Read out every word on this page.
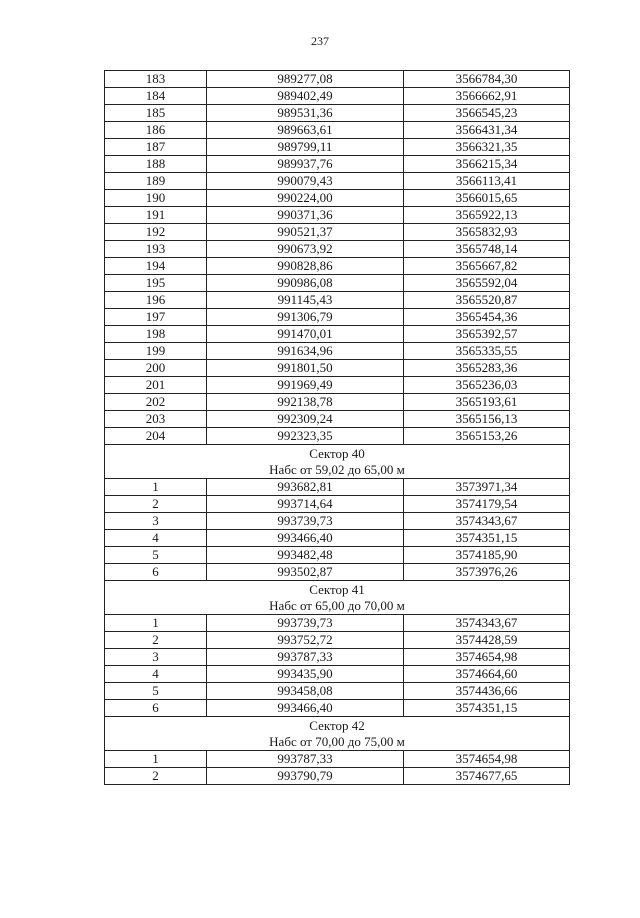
237
183	989277,08	3566784,30
184	989402,49	3566662,91
185	989531,36	3566545,23
186	989663,61	3566431,34
187	989799,11	3566321,35
188	989937,76	3566215,34
189	990079,43	3566113,41
190	990224,00	3566015,65
191	990371,36	3565922,13
192	990521,37	3565832,93
193	990673,92	3565748,14
194	990828,86	3565667,82
195	990986,08	3565592,04
196	991145,43	3565520,87
197	991306,79	3565454,36
198	991470,01	3565392,57
199	991634,96	3565335,55
200	991801,50	3565283,36
201	991969,49	3565236,03
202	992138,78	3565193,61
203	992309,24	3565156,13
204	992323,35	3565153,26

Сектор 40
Набс от 59,02 до 65,00 м		

1	993682,81	3573971,34
2	993714,64	3574179,54
3	993739,73	3574343,67
4	993466,40	3574351,15
5	993482,48	3574185,90
6	993502,87	3573976,26

Сектор 41
Набс от 65,00 до 70,00 м		

1	993739,73	3574343,67
2	993752,72	3574428,59
3	993787,33	3574654,98
4	993435,90	3574664,60
5	993458,08	3574436,66
6	993466,40	3574351,15

Сектор 42
Набс от 70,00 до 75,00 м		

1	993787,33	3574654,98
2	993790,79	3574677,65
